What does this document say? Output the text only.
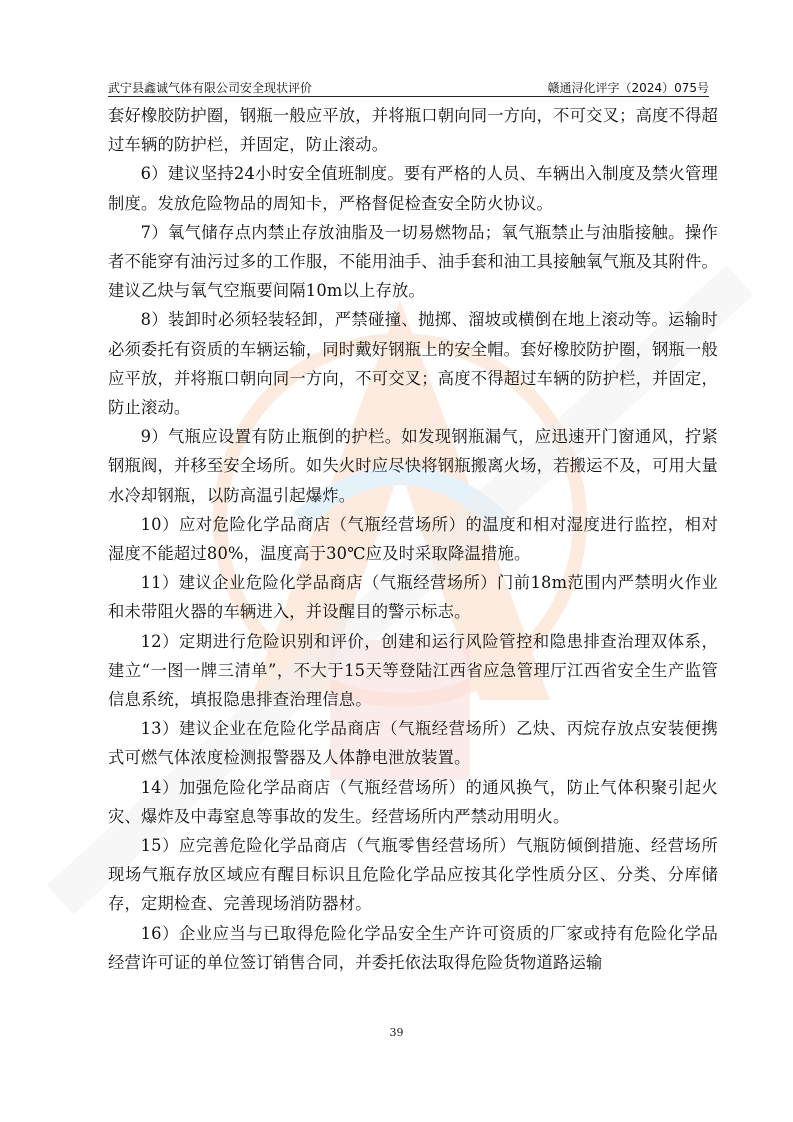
武宁县鑫诚气体有限公司安全现状评价	赣通浔化评字（2024）075号

套好橡胶防护圈，钢瓶一般应平放，并将瓶口朝向同一方向，不可交叉；高度不得超过车辆的防护栏，并固定，防止滚动。

6）建议坚持24小时安全值班制度。要有严格的人员、车辆出入制度及禁火管理制度。发放危险物品的周知卡，严格督促检查安全防火协议。

7）氧气储存点内禁止存放油脂及一切易燃物品；氧气瓶禁止与油脂接触。操作者不能穿有油污过多的工作服，不能用油手、油手套和油工具接触氧气瓶及其附件。建议乙炔与氧气空瓶要间隔10m以上存放。

8）装卸时必须轻装轻卸，严禁碰撞、抛掷、溜坡或横倒在地上滚动等。运输时必须委托有资质的车辆运输，同时戴好钢瓶上的安全帽。套好橡胶防护圈，钢瓶一般应平放，并将瓶口朝向同一方向，不可交叉；高度不得超过车辆的防护栏，并固定，防止滚动。

9）气瓶应设置有防止瓶倒的护栏。如发现钢瓶漏气，应迅速开门窗通风，拧紧钢瓶阀，并移至安全场所。如失火时应尽快将钢瓶搬离火场，若搬运不及，可用大量水冷却钢瓶，以防高温引起爆炸。

10）应对危险化学品商店（气瓶经营场所）的温度和相对湿度进行监控，相对湿度不能超过80%，温度高于30℃应及时采取降温措施。

11）建议企业危险化学品商店（气瓶经营场所）门前18m范围内严禁明火作业和未带阻火器的车辆进入，并设醒目的警示标志。

12）定期进行危险识别和评价，创建和运行风险管控和隐患排查治理双体系，建立“一图一牌三清单”，不大于15天等登陆江西省应急管理厅江西省安全生产监管信息系统，填报隐患排查治理信息。

13）建议企业在危险化学品商店（气瓶经营场所）乙炔、丙烷存放点安装便携式可燃气体浓度检测报警器及人体静电泄放装置。

14）加强危险化学品商店（气瓶经营场所）的通风换气，防止气体积聚引起火灾、爆炸及中毒窒息等事故的发生。经营场所内严禁动用明火。

15）应完善危险化学品商店（气瓶零售经营场所）气瓶防倾倒措施、经营场所现场气瓶存放区域应有醒目标识且危险化学品应按其化学性质分区、分类、分库储存，定期检查、完善现场消防器材。

16）企业应当与已取得危险化学品安全生产许可资质的厂家或持有危险化学品经营许可证的单位签订销售合同，并委托依法取得危险货物道路运输

39
